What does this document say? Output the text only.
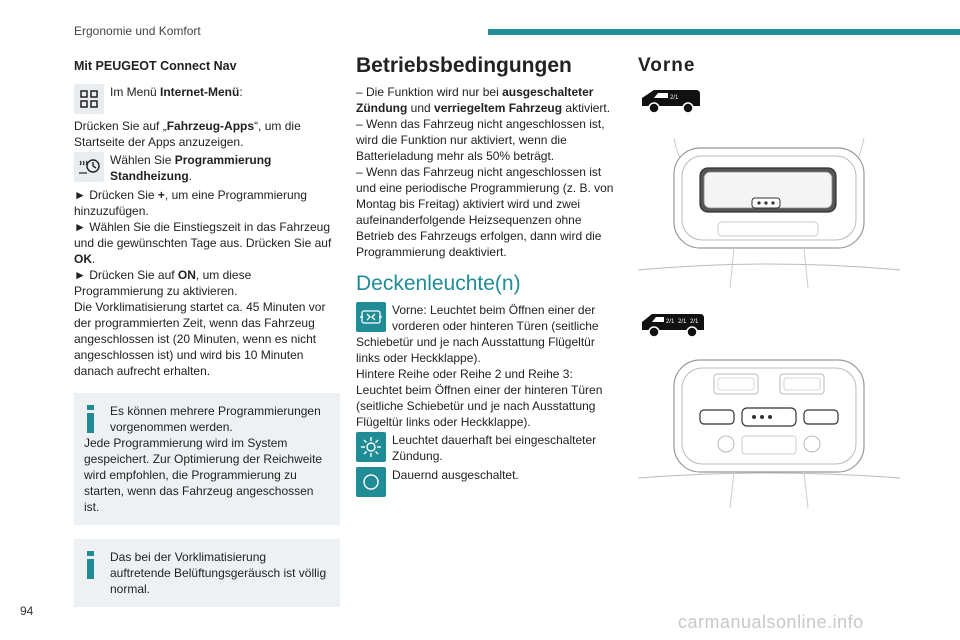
Ergonomie und Komfort
Mit PEUGEOT Connect Nav
Im Menü Internet-Menü:

Drücken Sie auf „Fahrzeug-Apps“, um die Startseite der Apps anzuzeigen.

Wählen Sie Programmierung Standheizung.

► Drücken Sie +, um eine Programmierung hinzuzufügen.

► Wählen Sie die Einstiegszeit in das Fahrzeug und die gewünschten Tage aus. Drücken Sie auf OK.

► Drücken Sie auf ON, um diese Programmierung zu aktivieren.

Die Vorklimatisierung startet ca. 45 Minuten vor der programmierten Zeit, wenn das Fahrzeug angeschlossen ist (20 Minuten, wenn es nicht angeschlossen ist) und wird bis 10 Minuten danach aufrecht erhalten.

Es können mehrere Programmierungen vorgenommen werden.

Jede Programmierung wird im System gespeichert. Zur Optimierung der Reichweite wird empfohlen, die Programmierung zu starten, wenn das Fahrzeug angeschossen ist.

Das bei der Vorklimatisierung auftretende Belüftungsgeräusch ist völlig normal.

Betriebsbedingungen

– Die Funktion wird nur bei ausgeschalteter Zündung und verriegeltem Fahrzeug aktiviert.

– Wenn das Fahrzeug nicht angeschlossen ist, wird die Funktion nur aktiviert, wenn die Batterieladung mehr als 50% beträgt.

– Wenn das Fahrzeug nicht angeschlossen ist und eine periodische Programmierung (z. B. von Montag bis Freitag) aktiviert wird und zwei aufeinanderfolgende Heizsequenzen ohne Betrieb des Fahrzeugs erfolgen, dann wird die Programmierung deaktiviert.

Deckenleuchte(n)

Vorne: Leuchtet beim Öffnen einer der vorderen oder hinteren Türen (seitliche Schiebetür und je nach Ausstattung Flügeltür links oder Heckklappe).

Hintere Reihe oder Reihe 2 und Reihe 3: Leuchtet beim Öffnen einer der hinteren Türen (seitliche Schiebetür und je nach Ausstattung Flügeltür links oder Heckklappe).

Leuchtet dauerhaft bei eingeschalteter Zündung.

Dauernd ausgeschaltet.

Vorne
2/1
2/1 2/1 2/1
94
carmanualsonline.info
